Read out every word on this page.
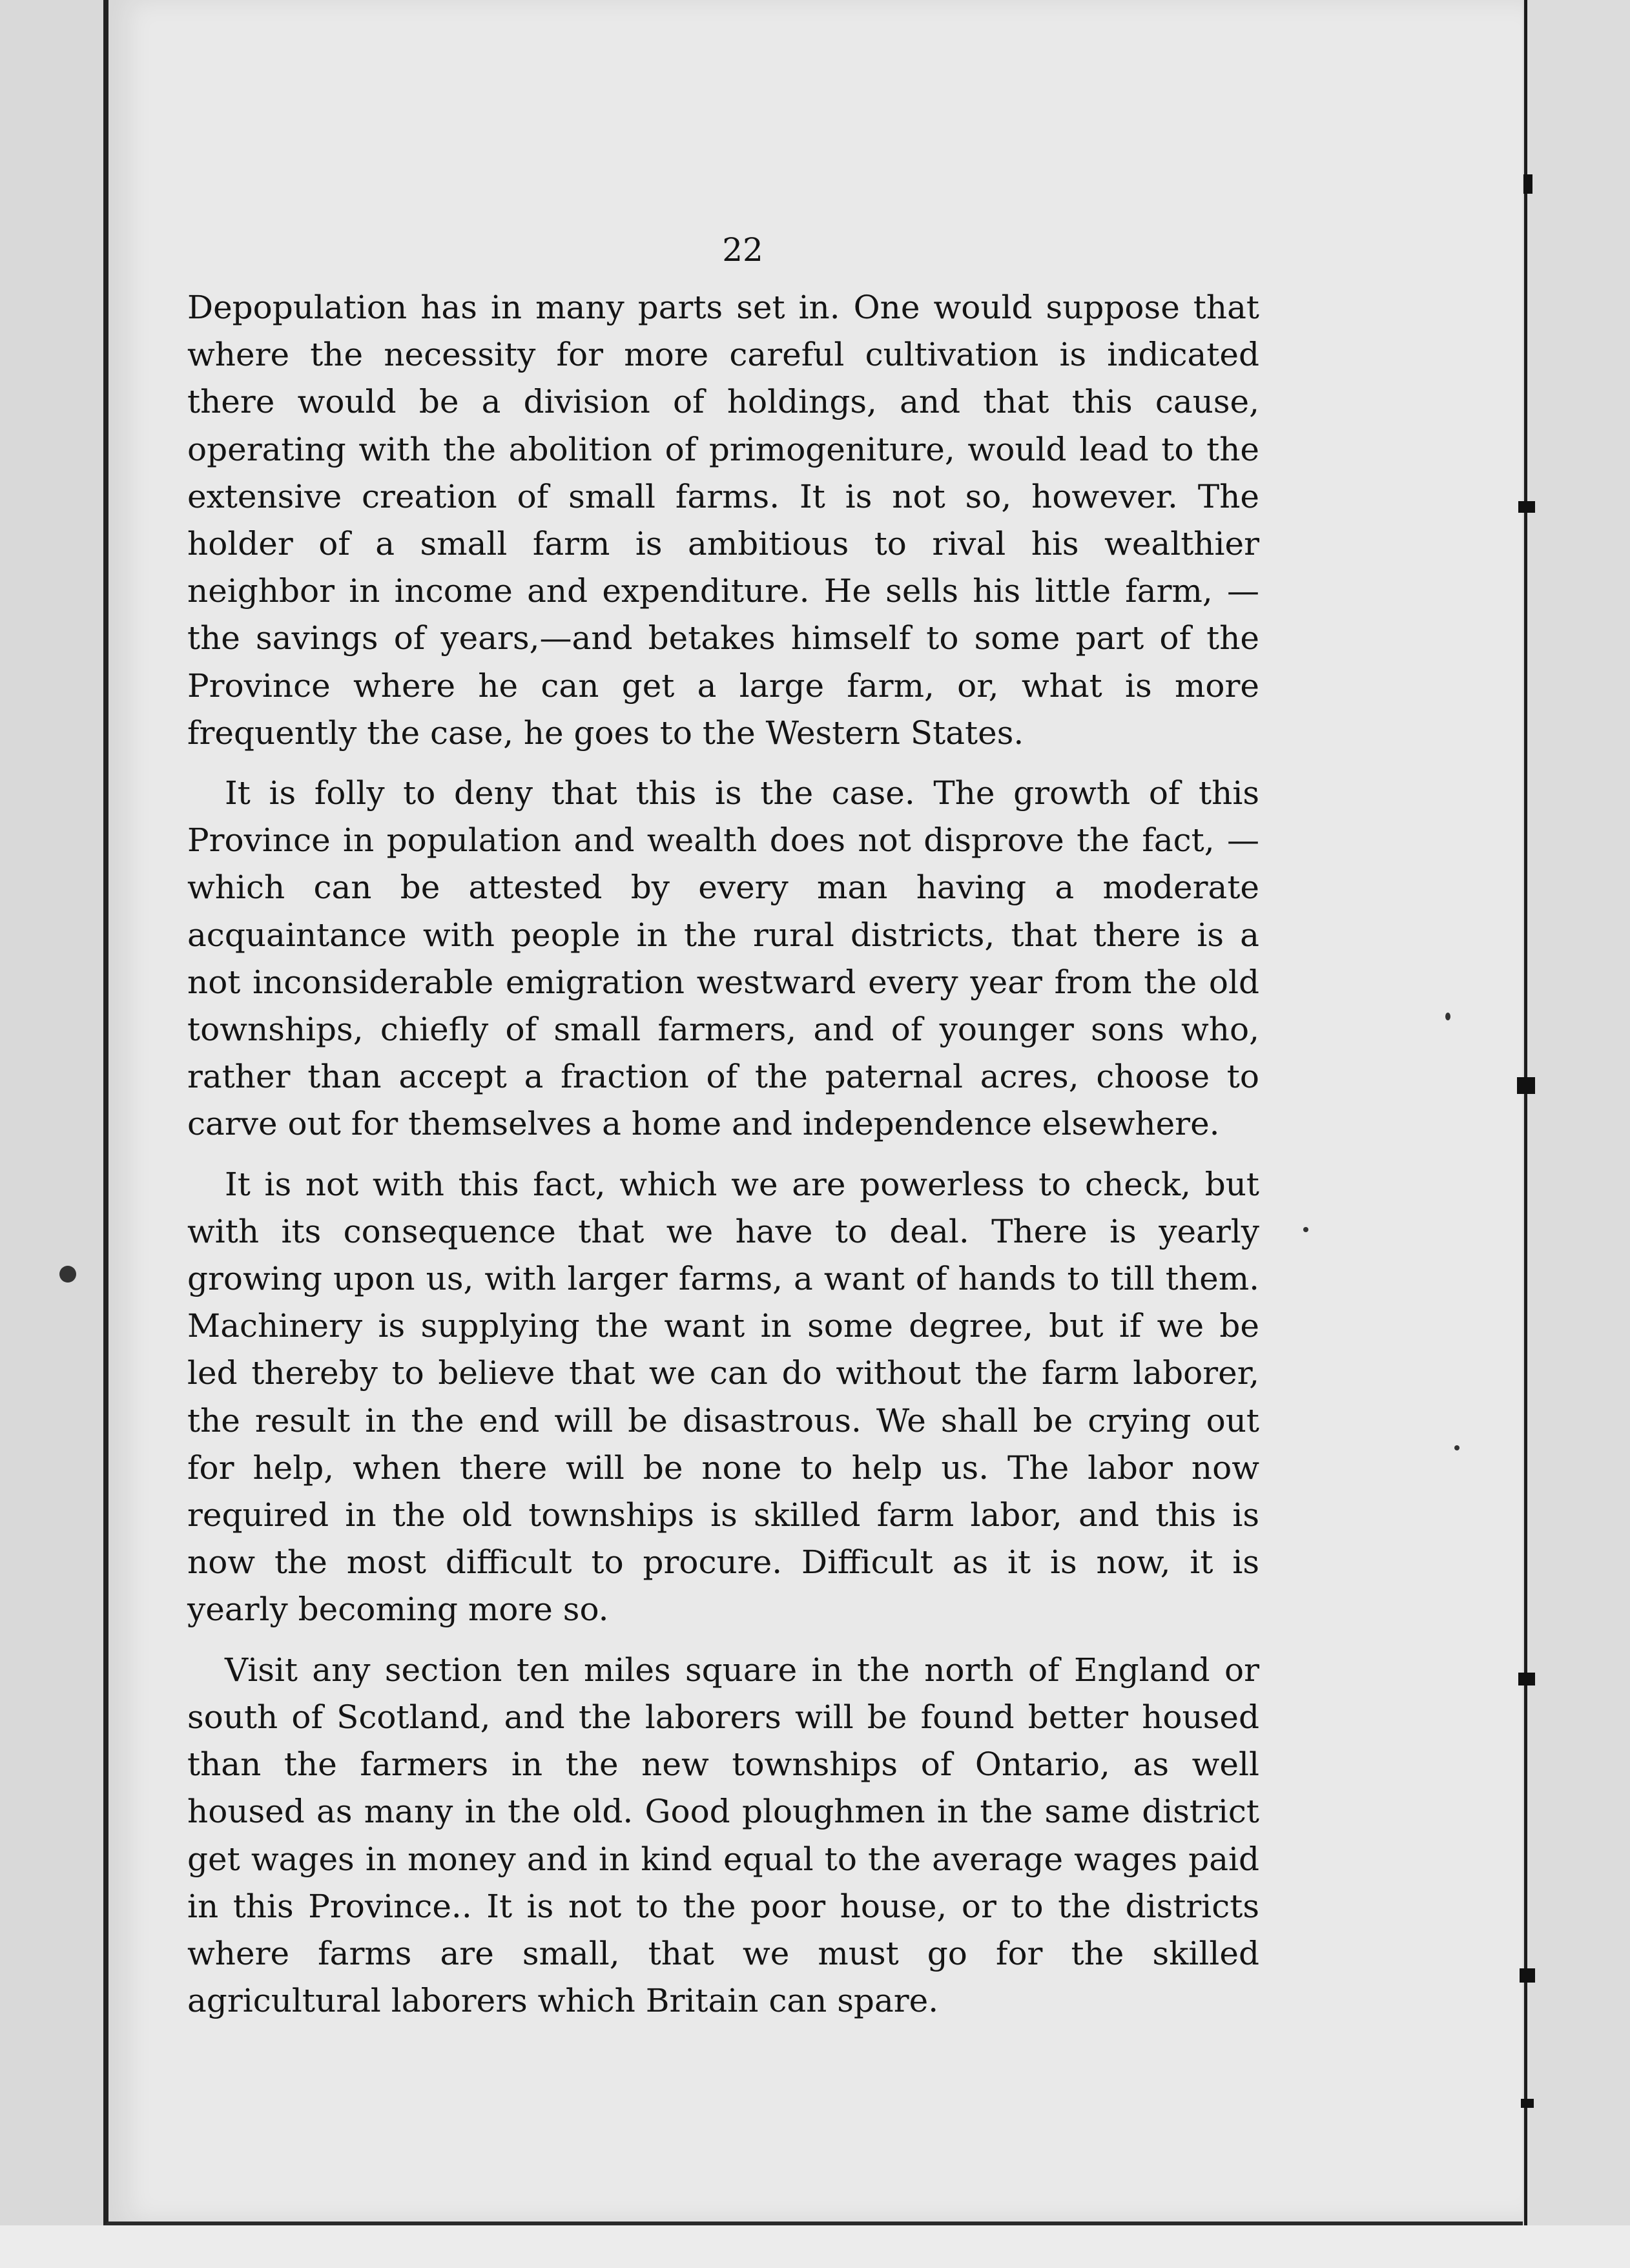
22

Depopulation has in many parts set in. One would suppose that where the necessity for more careful cultivation is indicated there would be a division of holdings, and that this cause, operating with the abolition of primogeniture, would lead to the extensive creation of small farms. It is not so, however. The holder of a small farm is ambitious to rival his wealthier neighbor in income and expenditure. He sells his little farm, —the savings of years,—and betakes himself to some part of the Province where he can get a large farm, or, what is more frequently the case, he goes to the Western States.

It is folly to deny that this is the case. The growth of this Province in population and wealth does not disprove the fact, —which can be attested by every man having a moderate acquaintance with people in the rural districts, that there is a not inconsiderable emigration westward every year from the old townships, chiefly of small farmers, and of younger sons who, rather than accept a fraction of the paternal acres, choose to carve out for themselves a home and independence elsewhere.

It is not with this fact, which we are powerless to check, but with its consequence that we have to deal. There is yearly growing upon us, with larger farms, a want of hands to till them. Machinery is supplying the want in some degree, but if we be led thereby to believe that we can do without the farm laborer, the result in the end will be disastrous. We shall be crying out for help, when there will be none to help us. The labor now required in the old townships is skilled farm labor, and this is now the most difficult to procure. Difficult as it is now, it is yearly becoming more so.

Visit any section ten miles square in the north of England or south of Scotland, and the laborers will be found better housed than the farmers in the new townships of Ontario, as well housed as many in the old. Good ploughmen in the same district get wages in money and in kind equal to the average wages paid in this Province.. It is not to the poor house, or to the districts where farms are small, that we must go for the skilled agricultural laborers which Britain can spare.
